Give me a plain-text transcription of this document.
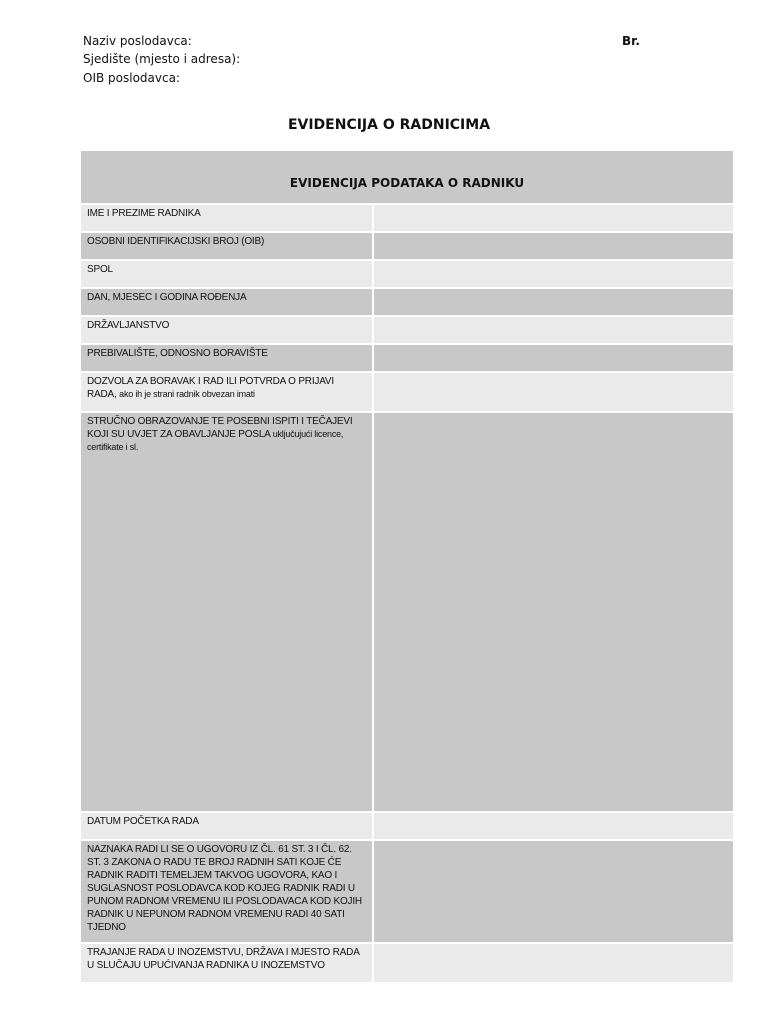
Naziv poslodavca:
Sjedište (mjesto i adresa):
OIB poslodavca:
Br.
EVIDENCIJA O RADNICIMA
EVIDENCIJA PODATAKA O RADNIKU
IME I PREZIME RADNIKA
OSOBNI IDENTIFIKACIJSKI BROJ (OIB)
SPOL
DAN, MJESEC I GODINA ROĐENJA
DRŽAVLJANSTVO
PREBIVALIŠTE, ODNOSNO BORAVIŠTE
DOZVOLA ZA BORAVAK I RAD ILI POTVRDA O PRIJAVI RADA, ako ih je strani radnik obvezan imati
STRUČNO OBRAZOVANJE TE POSEBNI ISPITI I TEČAJEVI KOJI SU UVJET ZA OBAVLJANJE POSLA uključujući licence, certifikate i sl.
DATUM POČETKA RADA
NAZNAKA RADI LI SE O UGOVORU IZ ČL. 61 ST. 3 I ČL. 62. ST. 3 ZAKONA O RADU TE BROJ RADNIH SATI KOJE ĆE RADNIK RADITI TEMELJEM TAKVOG UGOVORA, KAO I SUGLASNOST POSLODAVCA KOD KOJEG RADNIK RADI U PUNOM RADNOM VREMENU ILI POSLODAVACA KOD KOJIH RADNIK U NEPUNOM RADNOM VREMENU RADI 40 SATI TJEDNO
TRAJANJE RADA U INOZEMSTVU, DRŽAVA I MJESTO RADA U SLUČAJU UPUĆIVANJA RADNIKA U INOZEMSTVO
